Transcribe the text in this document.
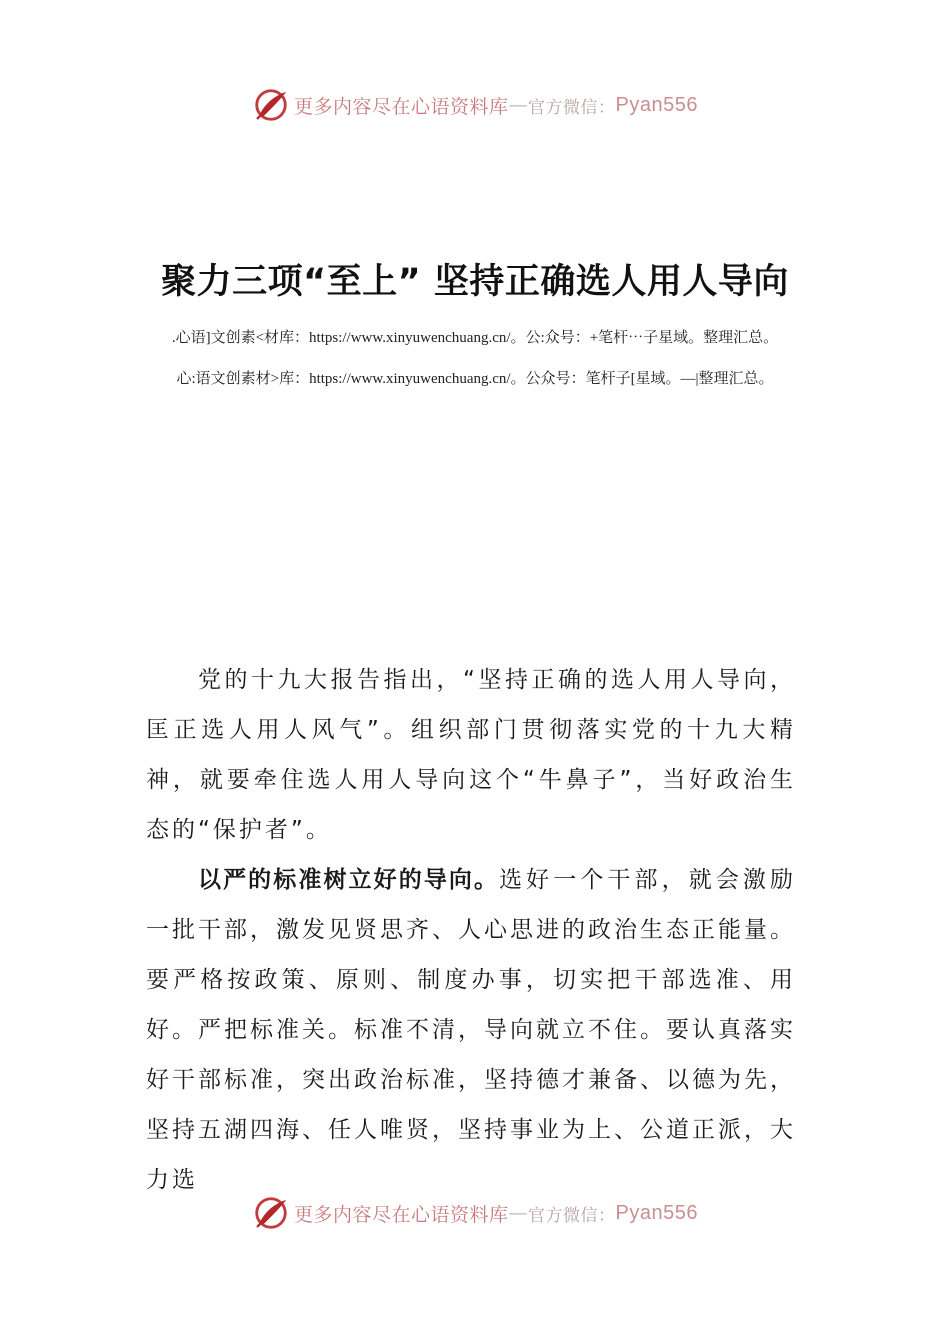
更多内容尽在心语资料库 — 官方微信： Pyan556
聚力三项“至上” 坚持正确选人用人导向
.心语]文创素<材库：https://www.xinyuwenchuang.cn/。公:众号：+笔杆⋯子星域。整理汇总。
心:语文创素材>库：https://www.xinyuwenchuang.cn/。公众号：笔杆子[星域。—|整理汇总。

党的十九大报告指出，“坚持正确的选人用人导向，匡正选人用人风气”。组织部门贯彻落实党的十九大精神，就要牵住选人用人导向这个“牛鼻子”，当好政治生态的“保护者”。

以严的标准树立好的导向。选好一个干部，就会激励一批干部，激发见贤思齐、人心思进的政治生态正能量。要严格按政策、原则、制度办事，切实把干部选准、用好。严把标准关。标准不清，导向就立不住。要认真落实好干部标准，突出政治标准，坚持德才兼备、以德为先，坚持五湖四海、任人唯贤，坚持事业为上、公道正派，大力选

更多内容尽在心语资料库 — 官方微信： Pyan556
